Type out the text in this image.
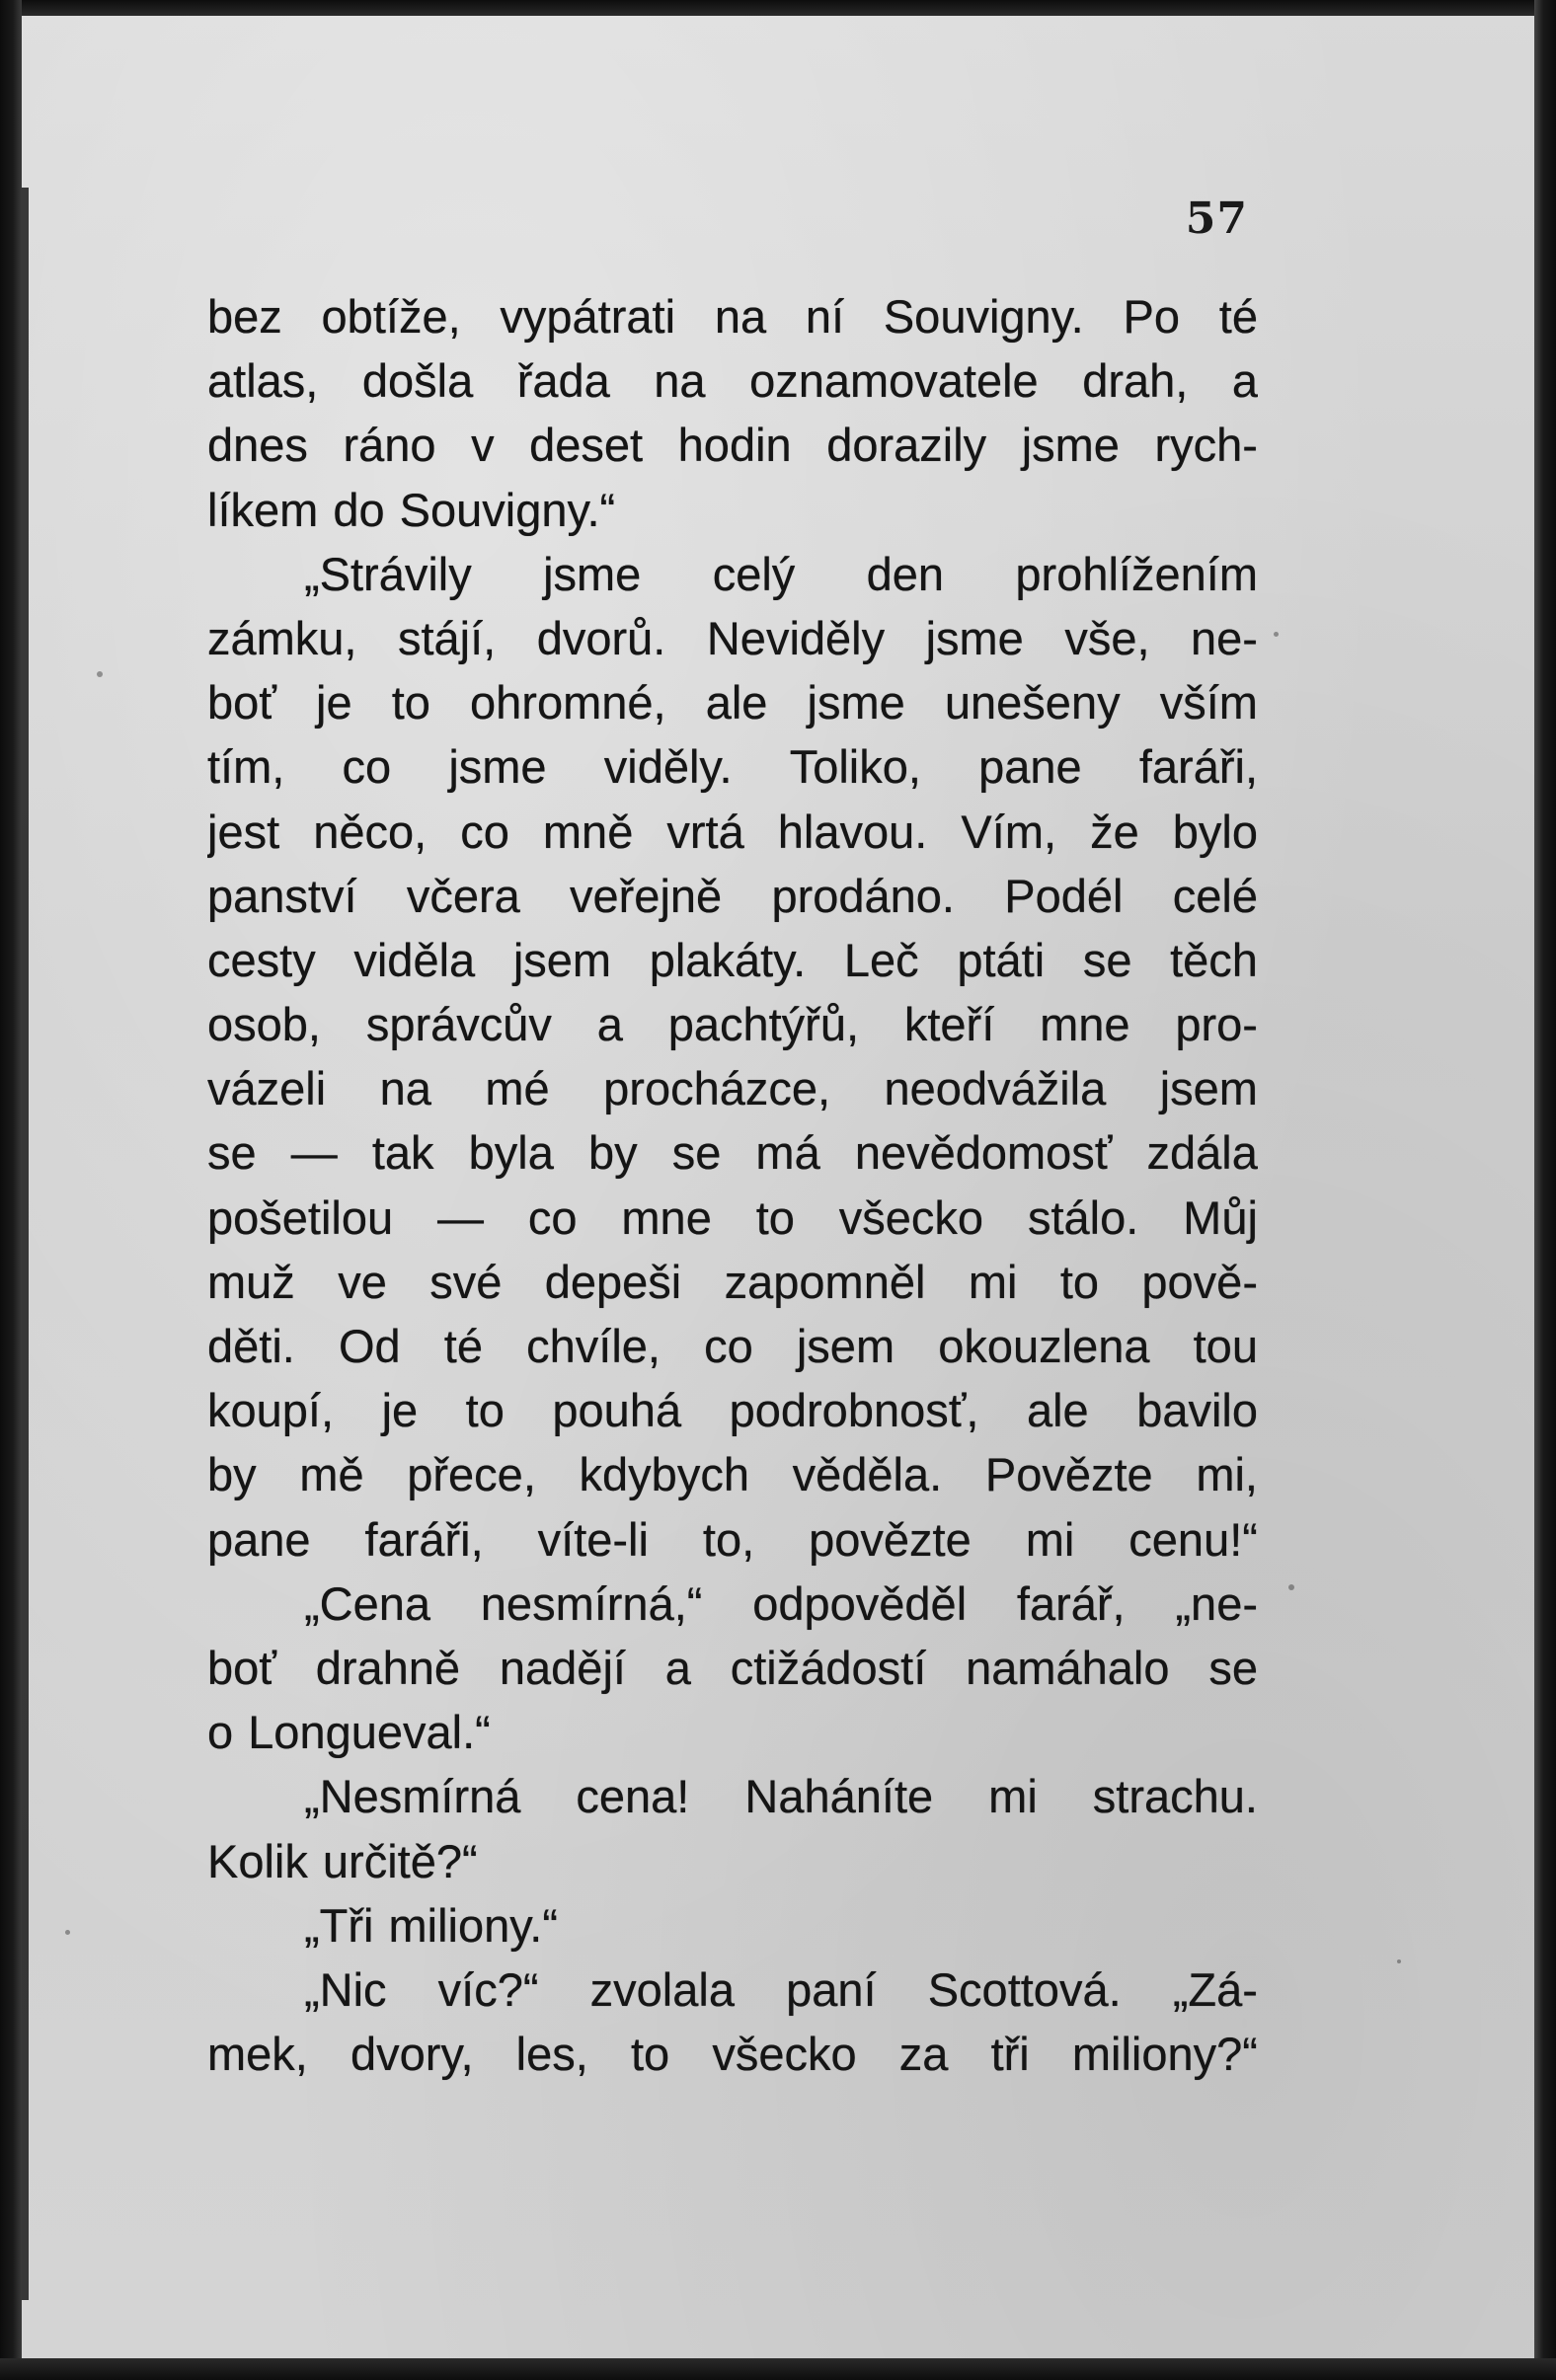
57
bez obtíže, vypátrati na ní Souvigny. Po té
atlas, došla řada na oznamovatele drah, a
dnes ráno v deset hodin dorazily jsme rych-
líkem do Souvigny.“
„Strávily jsme celý den prohlížením
zámku, stájí, dvorů. Neviděly jsme vše, ne-
boť je to ohromné, ale jsme unešeny vším
tím, co jsme viděly. Toliko, pane faráři,
jest něco, co mně vrtá hlavou. Vím, že bylo
panství včera veřejně prodáno. Podél celé
cesty viděla jsem plakáty. Leč ptáti se těch
osob, správcův a pachtýřů, kteří mne pro-
vázeli na mé procházce, neodvážila jsem
se — tak byla by se má nevědomosť zdála
pošetilou — co mne to všecko stálo. Můj
muž ve své depeši zapomněl mi to pově-
děti. Od té chvíle, co jsem okouzlena tou
koupí, je to pouhá podrobnosť, ale bavilo
by mě přece, kdybych věděla. Povězte mi,
pane faráři, víte-li to, povězte mi cenu!“
„Cena nesmírná,“ odpověděl farář, „ne-
boť drahně nadějí a ctižádostí namáhalo se
o Longueval.“
„Nesmírná cena! Naháníte mi strachu.
Kolik určitě?“
„Tři miliony.“
„Nic víc?“ zvolala paní Scottová. „Zá-
mek, dvory, les, to všecko za tři miliony?“
